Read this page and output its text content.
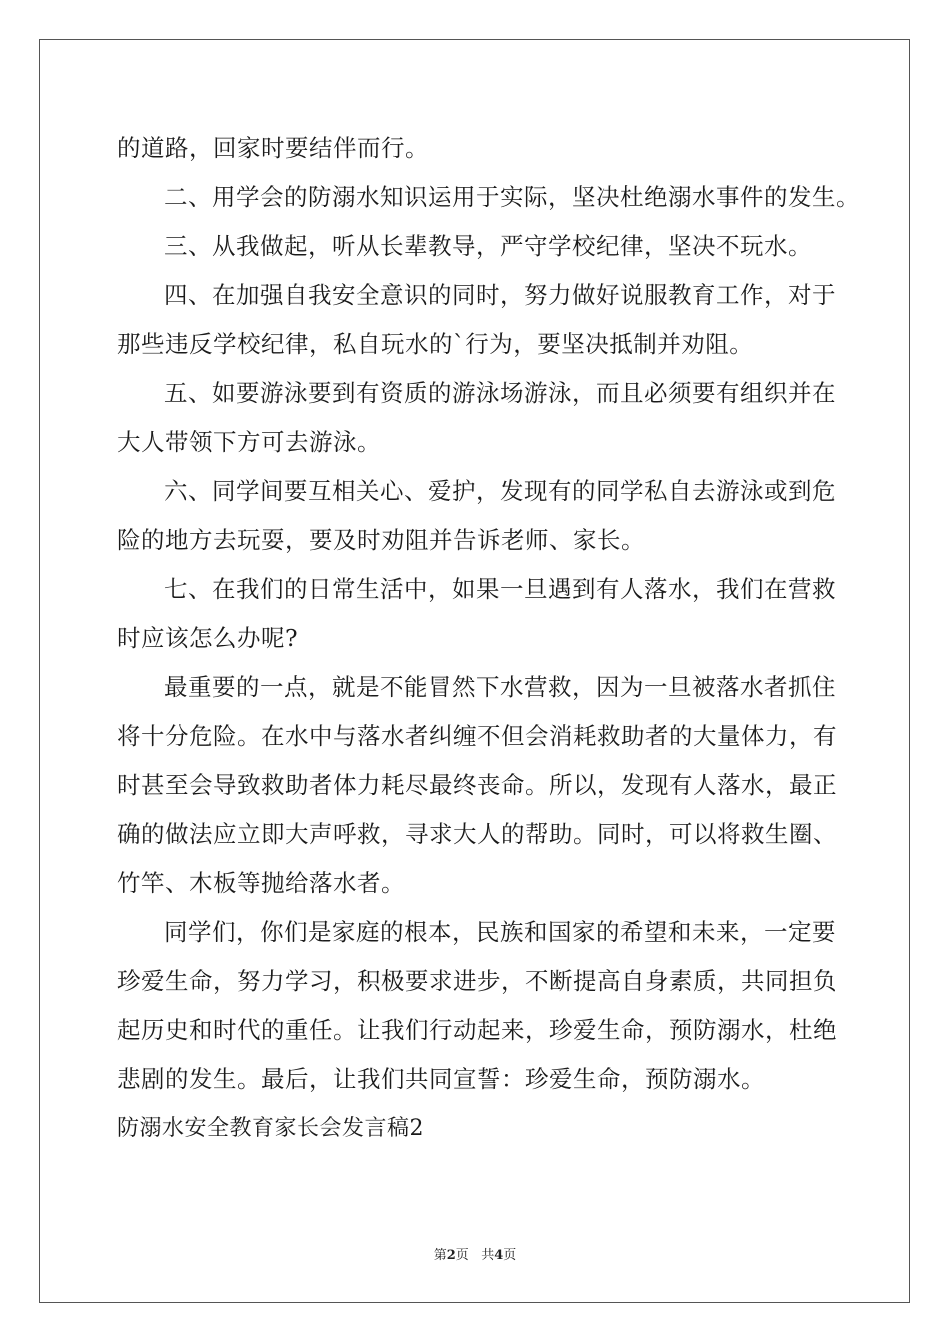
的道路，回家时要结伴而行。

二、用学会的防溺水知识运用于实际，坚决杜绝溺水事件的发生。

三、从我做起，听从长辈教导，严守学校纪律，坚决不玩水。

四、在加强自我安全意识的同时，努力做好说服教育工作，对于

那些违反学校纪律，私自玩水的`行为，要坚决抵制并劝阻。

五、如要游泳要到有资质的游泳场游泳，而且必须要有组织并在

大人带领下方可去游泳。

六、同学间要互相关心、爱护，发现有的同学私自去游泳或到危

险的地方去玩耍，要及时劝阻并告诉老师、家长。

七、在我们的日常生活中，如果一旦遇到有人落水，我们在营救

时应该怎么办呢?

最重要的一点，就是不能冒然下水营救，因为一旦被落水者抓住

将十分危险。在水中与落水者纠缠不但会消耗救助者的大量体力，有

时甚至会导致救助者体力耗尽最终丧命。所以，发现有人落水，最正

确的做法应立即大声呼救，寻求大人的帮助。同时，可以将救生圈、

竹竿、木板等抛给落水者。

同学们，你们是家庭的根本，民族和国家的希望和未来，一定要

珍爱生命，努力学习，积极要求进步，不断提高自身素质，共同担负

起历史和时代的重任。让我们行动起来，珍爱生命，预防溺水，杜绝

悲剧的发生。最后，让我们共同宣誓：珍爱生命，预防溺水。

防溺水安全教育家长会发言稿2

第2页 共4页
